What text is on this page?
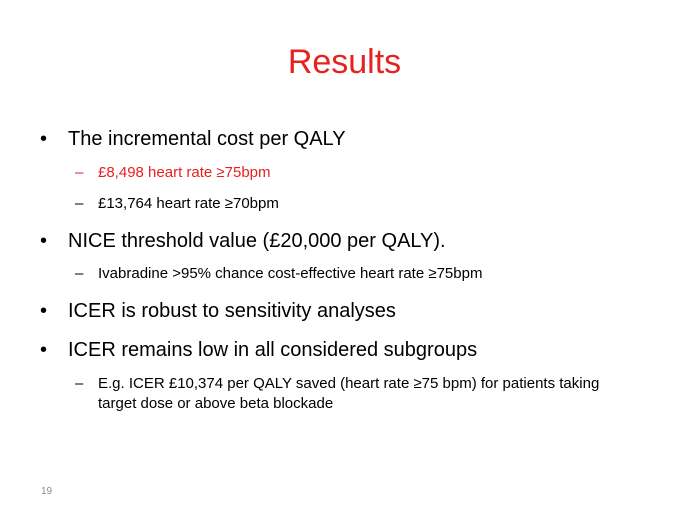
Results
• The incremental cost per QALY
– £8,498 heart rate ≥75bpm
– £13,764 heart rate ≥70bpm
• NICE threshold value (£20,000 per QALY).
– Ivabradine >95% chance cost-effective heart rate ≥75bpm
• ICER is robust to sensitivity analyses
• ICER remains low in all considered subgroups
– E.g. ICER £10,374 per QALY saved (heart rate ≥75 bpm) for patients taking target dose or above beta blockade
19
